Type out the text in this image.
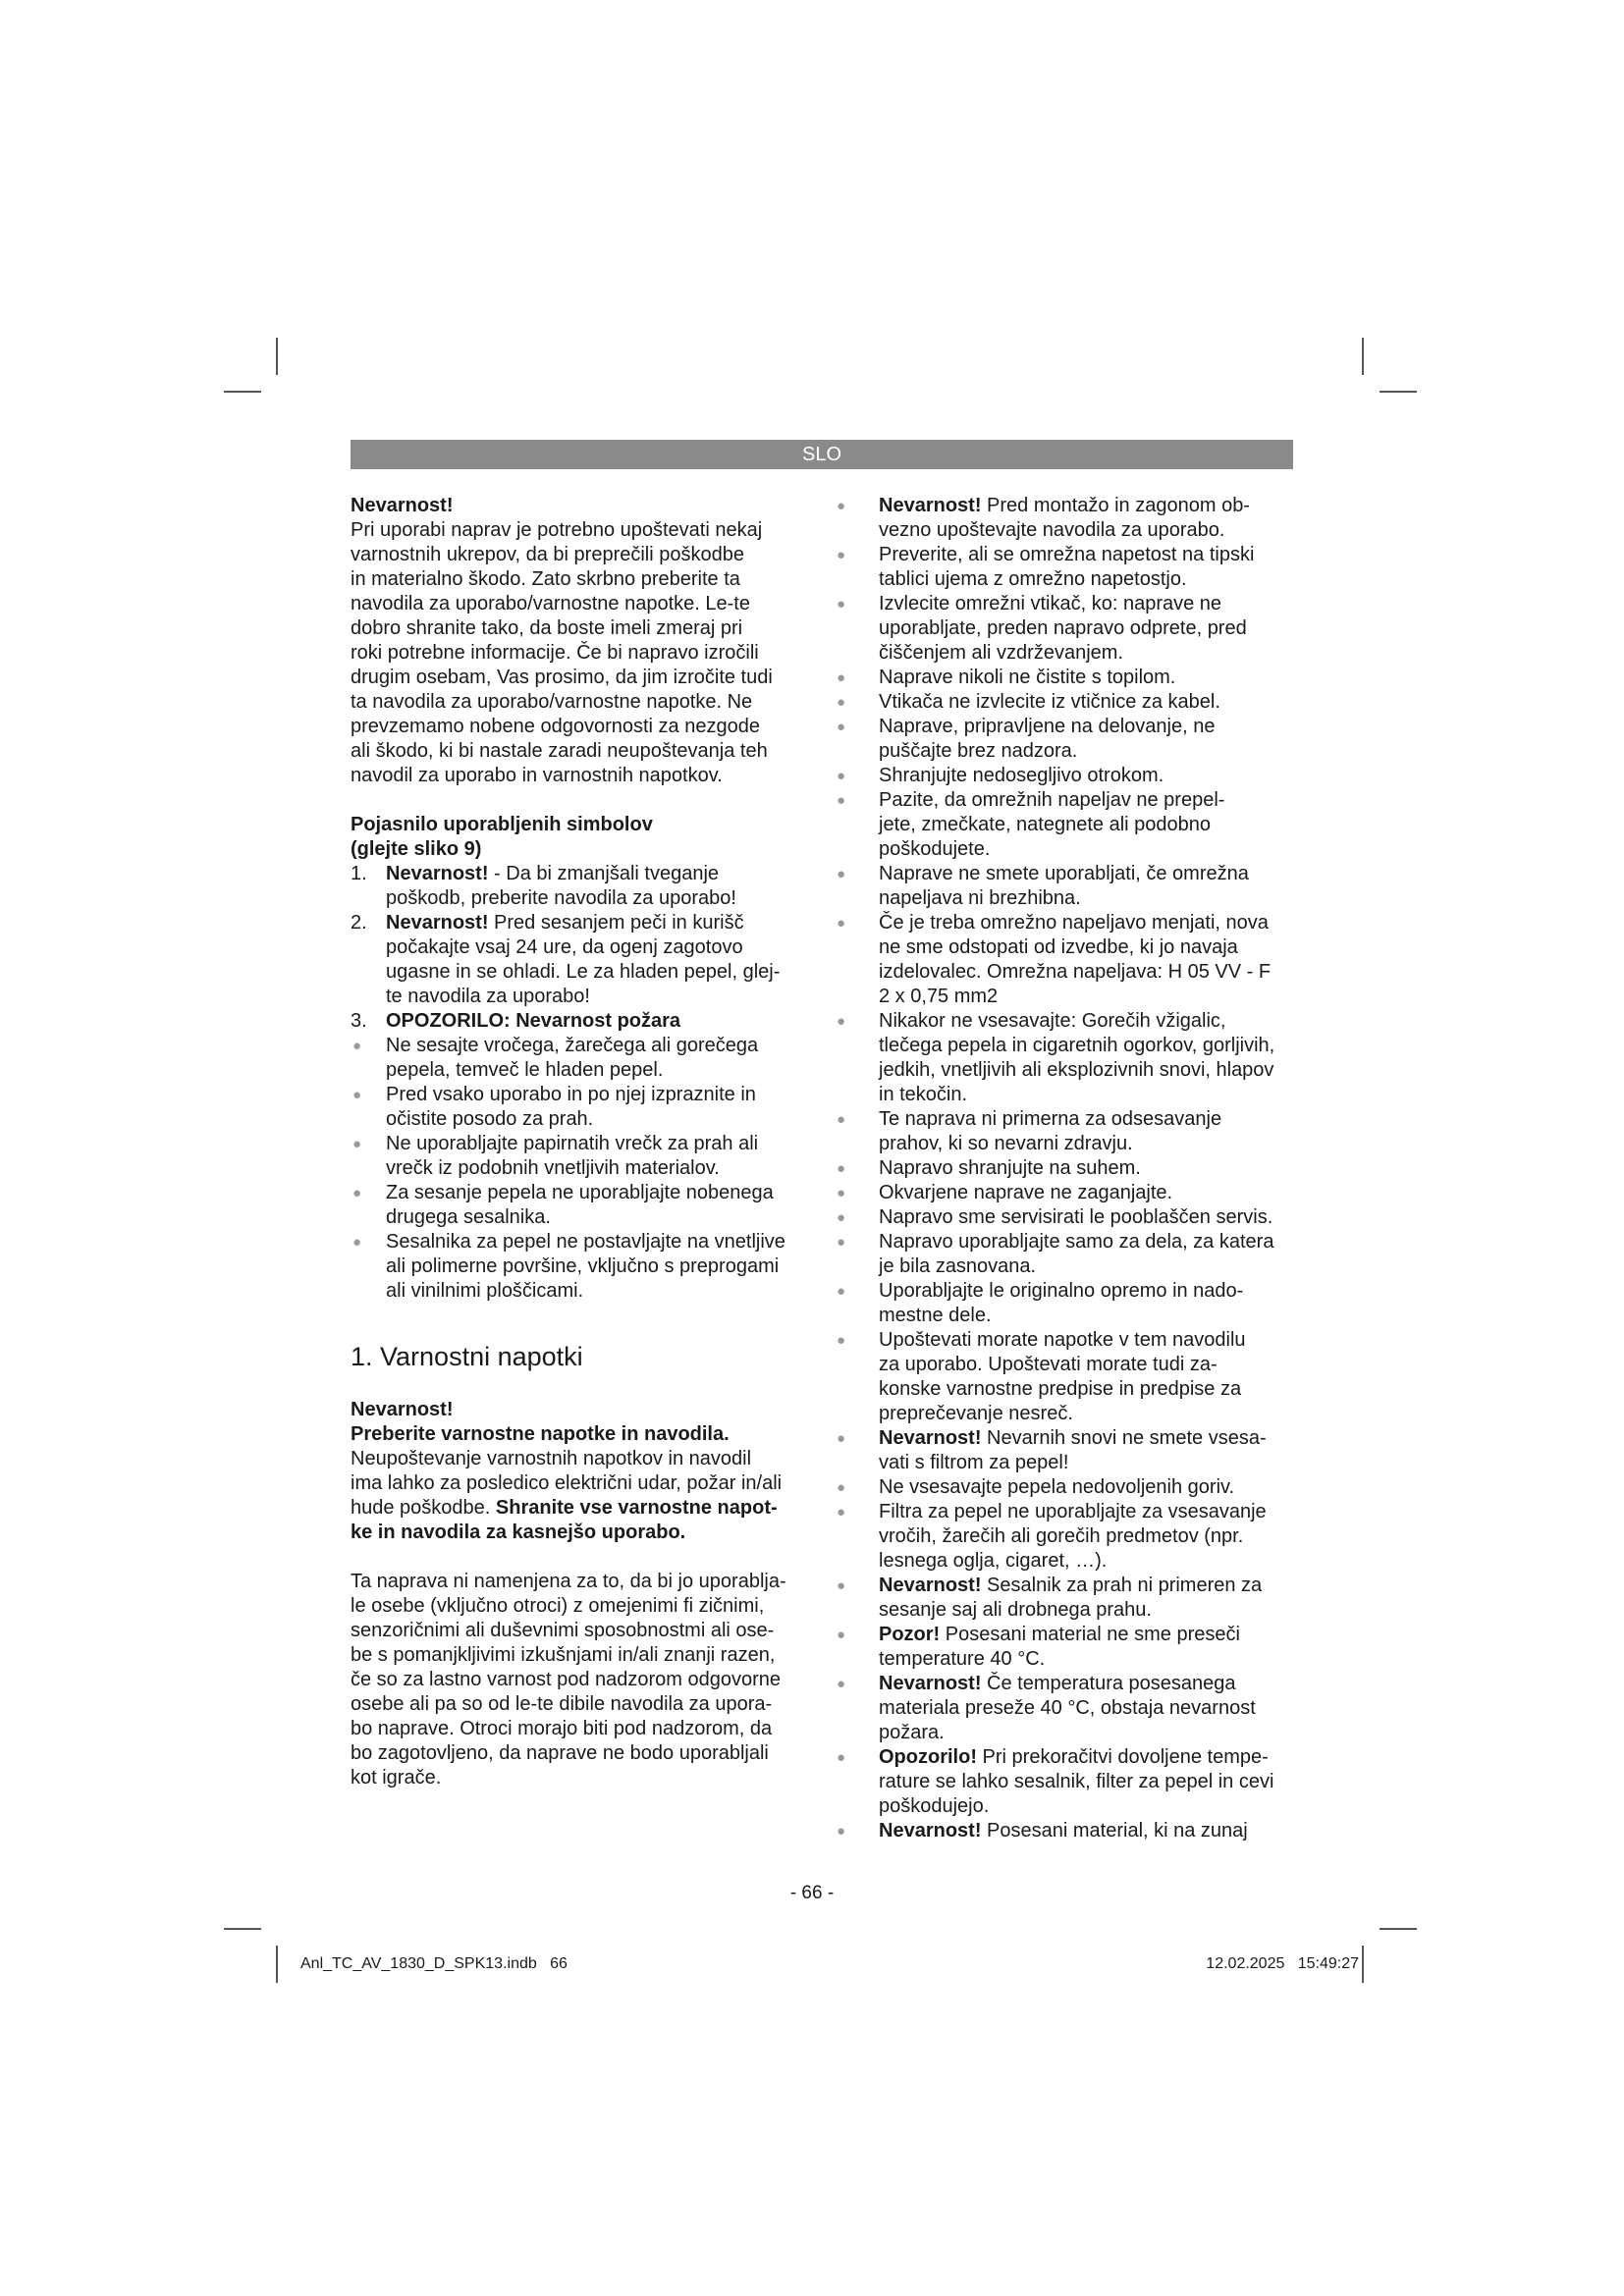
SLO

Nevarnost!

Pri uporabi naprav je potrebno upoštevati nekaj

varnostnih ukrepov, da bi preprečili poškodbe

in materialno škodo. Zato skrbno preberite ta

navodila za uporabo/varnostne napotke. Le-te

dobro shranite tako, da boste imeli zmeraj pri

roki potrebne informacije. Če bi napravo izročili

drugim osebam, Vas prosimo, da jim izročite tudi

ta navodila za uporabo/varnostne napotke. Ne

prevzemamo nobene odgovornosti za nezgode

ali škodo, ki bi nastale zaradi neupoštevanja teh

navodil za uporabo in varnostnih napotkov.

Pojasnilo uporabljenih simbolov

(glejte sliko 9)

1. Nevarnost! - Da bi zmanjšali tveganje

poškodb, preberite navodila za uporabo!

2. Nevarnost! Pred sesanjem peči in kurišč

počakajte vsaj 24 ure, da ogenj zagotovo

ugasne in se ohladi. Le za hladen pepel, glej-

te navodila za uporabo!

3. OPOZORILO: Nevarnost požara

● Ne sesajte vročega, žarečega ali gorečega

pepela, temveč le hladen pepel.

● Pred vsako uporabo in po njej izpraznite in

očistite posodo za prah.

● Ne uporabljajte papirnatih vrečk za prah ali

vrečk iz podobnih vnetljivih materialov.

● Za sesanje pepela ne uporabljajte nobenega

drugega sesalnika.

● Sesalnika za pepel ne postavljajte na vnetljive

ali polimerne površine, vključno s preprogami

ali vinilnimi ploščicami.

1. Varnostni napotki

Nevarnost!

Preberite varnostne napotke in navodila.

Neupoštevanje varnostnih napotkov in navodil

ima lahko za posledico električni udar, požar in/ali

hude poškodbe. Shranite vse varnostne napot-

ke in navodila za kasnejšo uporabo.

Ta naprava ni namenjena za to, da bi jo uporablja-

le osebe (vključno otroci) z omejenimi fi zičnimi,

senzoričnimi ali duševnimi sposobnostmi ali ose-

be s pomanjkljivimi izkušnjami in/ali znanji razen,

če so za lastno varnost pod nadzorom odgovorne

osebe ali pa so od le-te dibile navodila za upora-

bo naprave. Otroci morajo biti pod nadzorom, da

bo zagotovljeno, da naprave ne bodo uporabljali

kot igrače.

● Nevarnost! Pred montažo in zagonom ob-

vezno upoštevajte navodila za uporabo.

● Preverite, ali se omrežna napetost na tipski

tablici ujema z omrežno napetostjo.

● Izvlecite omrežni vtikač, ko: naprave ne

uporabljate, preden napravo odprete, pred

čiščenjem ali vzdrževanjem.

● Naprave nikoli ne čistite s topilom.

● Vtikača ne izvlecite iz vtičnice za kabel.

● Naprave, pripravljene na delovanje, ne

puščajte brez nadzora.

● Shranjujte nedosegljivo otrokom.

● Pazite, da omrežnih napeljav ne prepel-

jete, zmečkate, nategnete ali podobno

poškodujete.

● Naprave ne smete uporabljati, če omrežna

napeljava ni brezhibna.

● Če je treba omrežno napeljavo menjati, nova

ne sme odstopati od izvedbe, ki jo navaja

izdelovalec. Omrežna napeljava: H 05 VV - F

2 x 0,75 mm2

● Nikakor ne vsesavajte: Gorečih vžigalic,

tlečega pepela in cigaretnih ogorkov, gorljivih,

jedkih, vnetljivih ali eksplozivnih snovi, hlapov

in tekočin.

● Te naprava ni primerna za odsesavanje

prahov, ki so nevarni zdravju.

● Napravo shranjujte na suhem.

● Okvarjene naprave ne zaganjajte.

● Napravo sme servisirati le pooblaščen servis.

● Napravo uporabljajte samo za dela, za katera

je bila zasnovana.

● Uporabljajte le originalno opremo in nado-

mestne dele.

● Upoštevati morate napotke v tem navodilu

za uporabo. Upoštevati morate tudi za-

konske varnostne predpise in predpise za

preprečevanje nesreč.

● Nevarnost! Nevarnih snovi ne smete vsesa-

vati s filtrom za pepel!

● Ne vsesavajte pepela nedovoljenih goriv.

● Filtra za pepel ne uporabljajte za vsesavanje

vročih, žarečih ali gorečih predmetov (npr.

lesnega oglja, cigaret, …).

● Nevarnost! Sesalnik za prah ni primeren za

sesanje saj ali drobnega prahu.

● Pozor! Posesani material ne sme preseči

temperature 40 °C.

● Nevarnost! Če temperatura posesanega

materiala preseže 40 °C, obstaja nevarnost

požara.

● Opozorilo! Pri prekoračitvi dovoljene tempe-

rature se lahko sesalnik, filter za pepel in cevi

poškodujejo.

● Nevarnost! Posesani material, ki na zunaj

- 66 -
Anl_TC_AV_1830_D_SPK13.indb   66	12.02.2025   15:49:27
